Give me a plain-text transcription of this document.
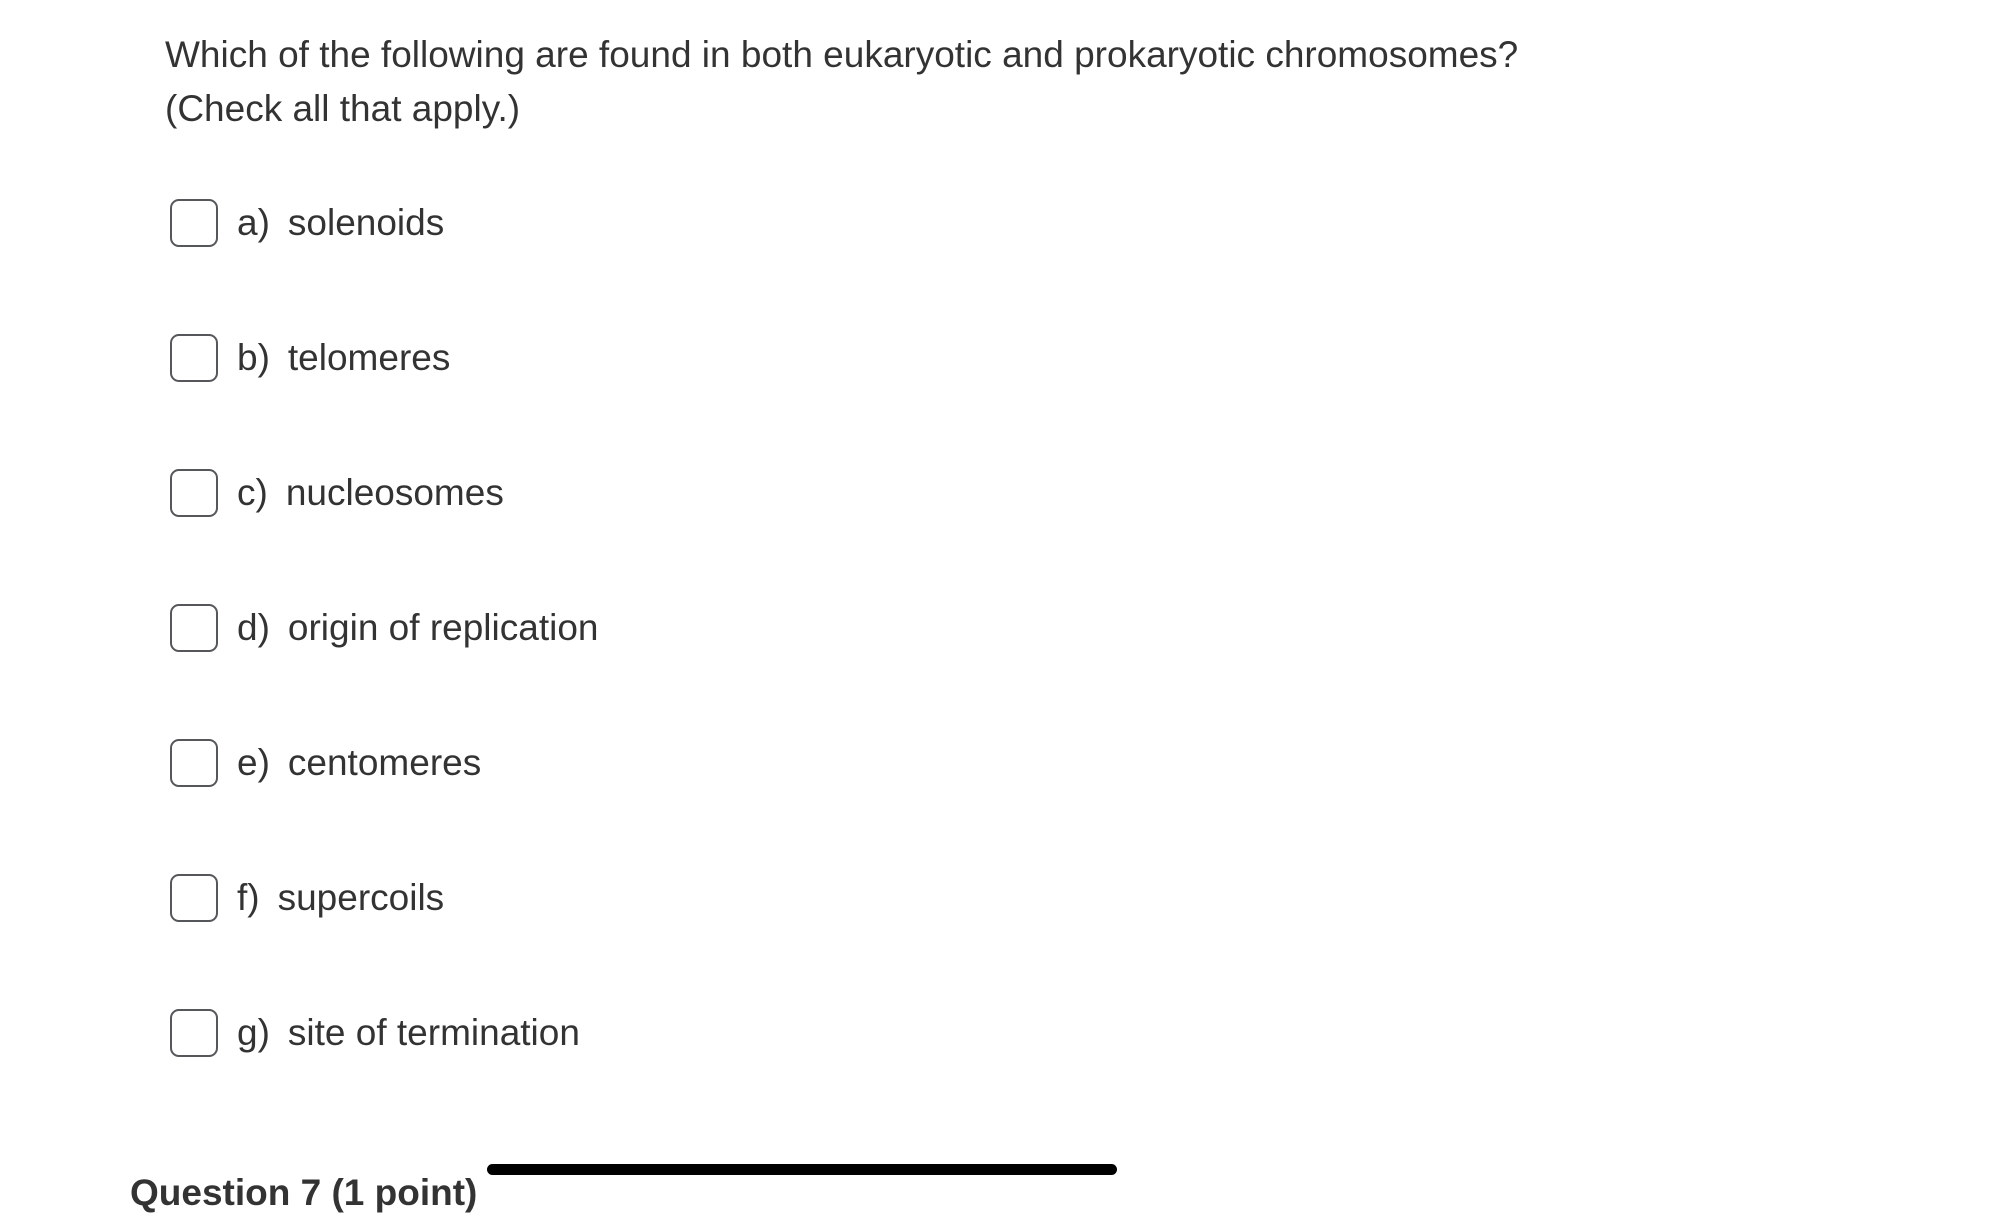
Which of the following are found in both eukaryotic and prokaryotic chromosomes?
(Check all that apply.)
a) solenoids
b) telomeres
c) nucleosomes
d) origin of replication
e) centomeres
f) supercoils
g) site of termination
Question 7 (1 point)
